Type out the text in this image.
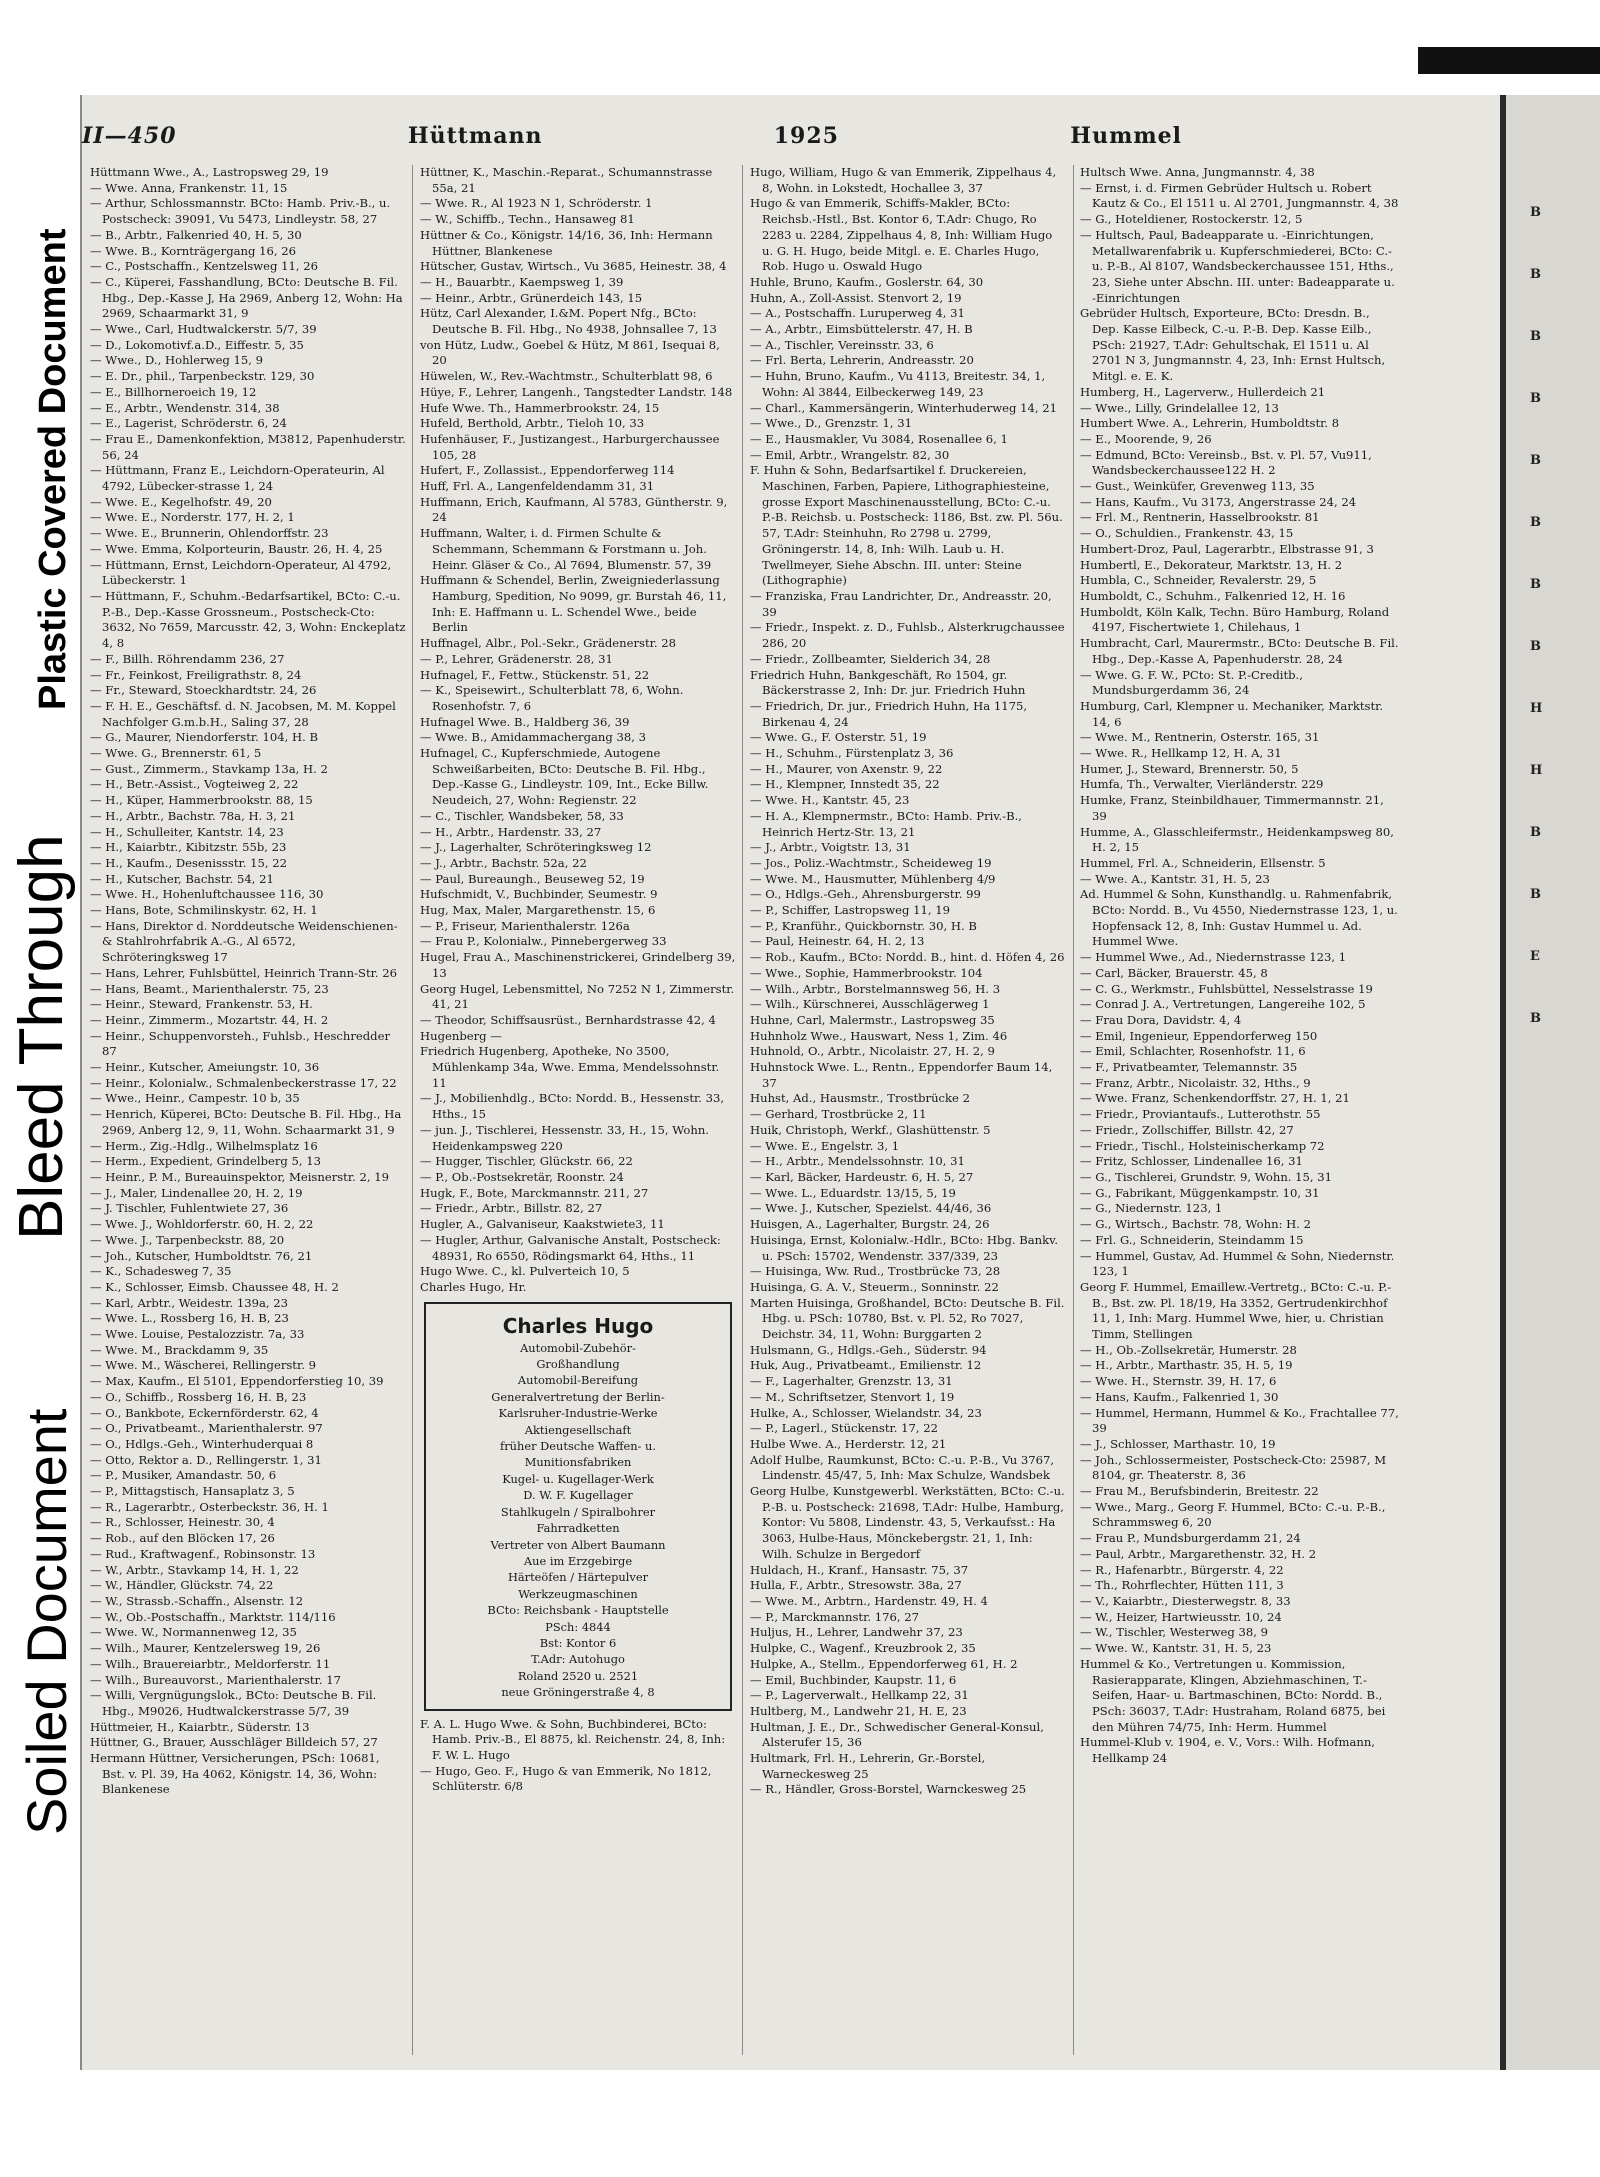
Plastic Covered Document
Bleed Through
Soiled Document
II—450	Hüttmann	1925	Hummel

Hüttmann Wwe., A., Lastropsweg 29, 19

— Wwe. Anna, Frankenstr. 11, 15

— Arthur, Schlossmannstr. BCto: Hamb. Priv.-B., u. Postscheck: 39091, Vu 5473, Lindleystr. 58, 27

— B., Arbtr., Falkenried 40, H. 5, 30

— Wwe. B., Kornträgergang 16, 26

— C., Postschaffn., Kentzelsweg 11, 26

— C., Küperei, Fasshandlung, BCto: Deutsche B. Fil. Hbg., Dep.-Kasse J, Ha 2969, Anberg 12, Wohn: Ha 2969, Schaarmarkt 31, 9

— Wwe., Carl, Hudtwalckerstr. 5/7, 39

— D., Lokomotivf.a.D., Eiffestr. 5, 35

— Wwe., D., Hohlerweg 15, 9

— E. Dr., phil., Tarpenbeckstr. 129, 30

— E., Billhorneroeich 19, 12

— E., Arbtr., Wendenstr. 314, 38

— E., Lagerist, Schröderstr. 6, 24

— Frau E., Damenkonfektion, M3812, Papenhuderstr. 56, 24

— Hüttmann, Franz E., Leichdorn-Operateurin, Al 4792, Lübecker-strasse 1, 24

— Wwe. E., Kegelhofstr. 49, 20

— Wwe. E., Norderstr. 177, H. 2, 1

— Wwe. E., Brunnerin, Ohlendorffstr. 23

— Wwe. Emma, Kolporteurin, Baustr. 26, H. 4, 25

— Hüttmann, Ernst, Leichdorn-Operateur, Al 4792, Lübeckerstr. 1

— Hüttmann, F., Schuhm.-Bedarfsartikel, BCto: C.-u. P.-B., Dep.-Kasse Grossneum., Postscheck-Cto: 3632, No 7659, Marcusstr. 42, 3, Wohn: Enckeplatz 4, 8

— F., Billh. Röhrendamm 236, 27

— Fr., Feinkost, Freiligrathstr. 8, 24

— Fr., Steward, Stoeckhardtstr. 24, 26

— F. H. E., Geschäftsf. d. N. Jacobsen, M. M. Koppel Nachfolger G.m.b.H., Saling 37, 28

— G., Maurer, Niendorferstr. 104, H. B

— Wwe. G., Brennerstr. 61, 5

— Gust., Zimmerm., Stavkamp 13a, H. 2

— H., Betr.-Assist., Vogteiweg 2, 22

— H., Küper, Hammerbrookstr. 88, 15

— H., Arbtr., Bachstr. 78a, H. 3, 21

— H., Schulleiter, Kantstr. 14, 23

— H., Kaiarbtr., Kibitzstr. 55b, 23

— H., Kaufm., Desenissstr. 15, 22

— H., Kutscher, Bachstr. 54, 21

— Wwe. H., Hohenluftchaussee 116, 30

— Hans, Bote, Schmilinskystr. 62, H. 1

— Hans, Direktor d. Norddeutsche Weidenschienen- & Stahlrohrfabrik A.-G., Al 6572, Schröteringksweg 17

— Hans, Lehrer, Fuhlsbüttel, Heinrich Trann-Str. 26

— Hans, Beamt., Marienthalerstr. 75, 23

— Heinr., Steward, Frankenstr. 53, H.

— Heinr., Zimmerm., Mozartstr. 44, H. 2

— Heinr., Schuppenvorsteh., Fuhlsb., Heschredder 87

— Heinr., Kutscher, Ameiungstr. 10, 36

— Heinr., Kolonialw., Schmalenbeckerstrasse 17, 22

— Wwe., Heinr., Campestr. 10 b, 35

— Henrich, Küperei, BCto: Deutsche B. Fil. Hbg., Ha 2969, Anberg 12, 9, 11, Wohn. Schaarmarkt 31, 9

— Herm., Zig.-Hdlg., Wilhelmsplatz 16

— Herm., Expedient, Grindelberg 5, 13

— Heinr., P. M., Bureauinspektor, Meisnerstr. 2, 19

— J., Maler, Lindenallee 20, H. 2, 19

— J. Tischler, Fuhlentwiete 27, 36

— Wwe. J., Wohldorferstr. 60, H. 2, 22

— Wwe. J., Tarpenbeckstr. 88, 20

— Joh., Kutscher, Humboldtstr. 76, 21

— K., Schadesweg 7, 35

— K., Schlosser, Eimsb. Chaussee 48, H. 2

— Karl, Arbtr., Weidestr. 139a, 23

— Wwe. L., Rossberg 16, H. B, 23

— Wwe. Louise, Pestalozzistr. 7a, 33

— Wwe. M., Brackdamm 9, 35

— Wwe. M., Wäscherei, Rellingerstr. 9

— Max, Kaufm., El 5101, Eppendorferstieg 10, 39

— O., Schiffb., Rossberg 16, H. B, 23

— O., Bankbote, Eckernförderstr. 62, 4

— O., Privatbeamt., Marienthalerstr. 97

— O., Hdlgs.-Geh., Winterhuderquai 8

— Otto, Rektor a. D., Rellingerstr. 1, 31

— P., Musiker, Amandastr. 50, 6

— P., Mittagstisch, Hansaplatz 3, 5

— R., Lagerarbtr., Osterbeckstr. 36, H. 1

— R., Schlosser, Heinestr. 30, 4

— Rob., auf den Blöcken 17, 26

— Rud., Kraftwagenf., Robinsonstr. 13

— W., Arbtr., Stavkamp 14, H. 1, 22

— W., Händler, Glückstr. 74, 22

— W., Strassb.-Schaffn., Alsenstr. 12

— W., Ob.-Postschaffn., Marktstr. 114/116

— Wwe. W., Normannenweg 12, 35

— Wilh., Maurer, Kentzelersweg 19, 26

— Wilh., Brauereiarbtr., Meldorferstr. 11

— Wilh., Bureauvorst., Marienthalerstr. 17

— Willi, Vergnügungslok., BCto: Deutsche B. Fil. Hbg., M9026, Hudtwalckerstrasse 5/7, 39

Hüttmeier, H., Kaiarbtr., Süderstr. 13

Hüttner, G., Brauer, Ausschläger Billdeich 57, 27

Hermann Hüttner, Versicherungen, PSch: 10681, Bst. v. Pl. 39, Ha 4062, Königstr. 14, 36, Wohn: Blankenese

Hüttner, K., Maschin.-Reparat., Schumannstrasse 55a, 21

— Wwe. R., Al 1923 N 1, Schröderstr. 1

— W., Schiffb., Techn., Hansaweg 81

Hüttner & Co., Königstr. 14/16, 36, Inh: Hermann Hüttner, Blankenese

Hütscher, Gustav, Wirtsch., Vu 3685, Heinestr. 38, 4

— H., Bauarbtr., Kaempsweg 1, 39

— Heinr., Arbtr., Grünerdeich 143, 15

Hütz, Carl Alexander, I.&M. Popert Nfg., BCto: Deutsche B. Fil. Hbg., No 4938, Johnsallee 7, 13

von Hütz, Ludw., Goebel & Hütz, M 861, Isequai 8, 20

Hüwelen, W., Rev.-Wachtmstr., Schulterblatt 98, 6

Hüye, F., Lehrer, Langenh., Tangstedter Landstr. 148

Hufe Wwe. Th., Hammerbrookstr. 24, 15

Hufeld, Berthold, Arbtr., Tieloh 10, 33

Hufenhäuser, F., Justizangest., Harburgerchaussee 105, 28

Hufert, F., Zollassist., Eppendorferweg 114

Huff, Frl. A., Langenfeldendamm 31, 31

Huffmann, Erich, Kaufmann, Al 5783, Güntherstr. 9, 24

Huffmann, Walter, i. d. Firmen Schulte & Schemmann, Schemmann & Forstmann u. Joh. Heinr. Gläser & Co., Al 7694, Blumenstr. 57, 39

Huffmann & Schendel, Berlin, Zweigniederlassung Hamburg, Spedition, No 9099, gr. Burstah 46, 11, Inh: E. Haffmann u. L. Schendel Wwe., beide Berlin

Huffnagel, Albr., Pol.-Sekr., Grädenerstr. 28

— P., Lehrer, Grädenerstr. 28, 31

Hufnagel, F., Fettw., Stückenstr. 51, 22

— K., Speisewirt., Schulterblatt 78, 6, Wohn. Rosenhofstr. 7, 6

Hufnagel Wwe. B., Haldberg 36, 39

— Wwe. B., Amidammachergang 38, 3

Hufnagel, C., Kupferschmiede, Autogene Schweißarbeiten, BCto: Deutsche B. Fil. Hbg., Dep.-Kasse G., Lindleystr. 109, Int., Ecke Billw. Neudeich, 27, Wohn: Regienstr. 22

— C., Tischler, Wandsbeker, 58, 33

— H., Arbtr., Hardenstr. 33, 27

— J., Lagerhalter, Schröteringksweg 12

— J., Arbtr., Bachstr. 52a, 22

— Paul, Bureaungh., Beuseweg 52, 19

Hufschmidt, V., Buchbinder, Seumestr. 9

Hug, Max, Maler, Margarethenstr. 15, 6

— P., Friseur, Marienthalerstr. 126a

— Frau P., Kolonialw., Pinnebergerweg 33

Hugel, Frau A., Maschinenstrickerei, Grindelberg 39, 13

Georg Hugel, Lebensmittel, No 7252 N 1, Zimmerstr. 41, 21

— Theodor, Schiffsausrüst., Bernhardstrasse 42, 4

Hugenberg —

Friedrich Hugenberg, Apotheke, No 3500, Mühlenkamp 34a, Wwe. Emma, Mendelssohnstr. 11

— J., Mobilienhdlg., BCto: Nordd. B., Hessenstr. 33, Hths., 15

— jun. J., Tischlerei, Hessenstr. 33, H., 15, Wohn. Heidenkampsweg 220

— Hugger, Tischler, Glückstr. 66, 22

— P., Ob.-Postsekretär, Roonstr. 24

Hugk, F., Bote, Marckmannstr. 211, 27

— Friedr., Arbtr., Billstr. 82, 27

Hugler, A., Galvaniseur, Kaakstwiete3, 11

— Hugler, Arthur, Galvanische Anstalt, Postscheck: 48931, Ro 6550, Rödingsmarkt 64, Hths., 11

Hugo Wwe. C., kl. Pulverteich 10, 5

Charles Hugo, Hr.

Charles Hugo
Automobil-Zubehör-
Großhandlung
Automobil-Bereifung
Generalvertretung der Berlin-
Karlsruher-Industrie-Werke
Aktiengesellschaft
früher Deutsche Waffen- u.
Munitionsfabriken
Kugel- u. Kugellager-Werk
D. W. F. Kugellager
Stahlkugeln / Spiralbohrer
Fahrradketten
Vertreter von Albert Baumann
Aue im Erzgebirge
Härteöfen / Härtepulver
Werkzeugmaschinen
BCto: Reichsbank - Hauptstelle
PSch: 4844
Bst: Kontor 6
T.Adr: Autohugo
Roland 2520 u. 2521
neue Gröningerstraße 4, 8

F. A. L. Hugo Wwe. & Sohn, Buchbinderei, BCto: Hamb. Priv.-B., El 8875, kl. Reichenstr. 24, 8, Inh: F. W. L. Hugo

— Hugo, Geo. F., Hugo & van Emmerik, No 1812, Schlüterstr. 6/8

Hugo, William, Hugo & van Emmerik, Zippelhaus 4, 8, Wohn. in Lokstedt, Hochallee 3, 37

Hugo & van Emmerik, Schiffs-Makler, BCto: Reichsb.-Hstl., Bst. Kontor 6, T.Adr: Chugo, Ro 2283 u. 2284, Zippelhaus 4, 8, Inh: William Hugo u. G. H. Hugo, beide Mitgl. e. E. Charles Hugo, Rob. Hugo u. Oswald Hugo

Huhle, Bruno, Kaufm., Goslerstr. 64, 30

Huhn, A., Zoll-Assist. Stenvort 2, 19

— A., Postschaffn. Luruperweg 4, 31

— A., Arbtr., Eimsbüttelerstr. 47, H. B

— A., Tischler, Vereinsstr. 33, 6

— Frl. Berta, Lehrerin, Andreasstr. 20

— Huhn, Bruno, Kaufm., Vu 4113, Breitestr. 34, 1, Wohn: Al 3844, Eilbeckerweg 149, 23

— Charl., Kammersängerin, Winterhuderweg 14, 21

— Wwe., D., Grenzstr. 1, 31

— E., Hausmakler, Vu 3084, Rosenallee 6, 1

— Emil, Arbtr., Wrangelstr. 82, 30

F. Huhn & Sohn, Bedarfsartikel f. Druckereien, Maschinen, Farben, Papiere, Lithographiesteine, grosse Export Maschinenausstellung, BCto: C.-u. P.-B. Reichsb. u. Postscheck: 1186, Bst. zw. Pl. 56u. 57, T.Adr: Steinhuhn, Ro 2798 u. 2799, Gröningerstr. 14, 8, Inh: Wilh. Laub u. H. Twellmeyer, Siehe Abschn. III. unter: Steine (Lithographie)

— Franziska, Frau Landrichter, Dr., Andreasstr. 20, 39

— Friedr., Inspekt. z. D., Fuhlsb., Alsterkrugchaussee 286, 20

— Friedr., Zollbeamter, Sielderich 34, 28

Friedrich Huhn, Bankgeschäft, Ro 1504, gr. Bäckerstrasse 2, Inh: Dr. jur. Friedrich Huhn

— Friedrich, Dr. jur., Friedrich Huhn, Ha 1175, Birkenau 4, 24

— Wwe. G., F. Osterstr. 51, 19

— H., Schuhm., Fürstenplatz 3, 36

— H., Maurer, von Axenstr. 9, 22

— H., Klempner, Innstedt 35, 22

— Wwe. H., Kantstr. 45, 23

— H. A., Klempnermstr., BCto: Hamb. Priv.-B., Heinrich Hertz-Str. 13, 21

— J., Arbtr., Voigtstr. 13, 31

— Jos., Poliz.-Wachtmstr., Scheideweg 19

— Wwe. M., Hausmutter, Mühlenberg 4/9

— O., Hdlgs.-Geh., Ahrensburgerstr. 99

— P., Schiffer, Lastropsweg 11, 19

— P., Kranführ., Quickbornstr. 30, H. B

— Paul, Heinestr. 64, H. 2, 13

— Rob., Kaufm., BCto: Nordd. B., hint. d. Höfen 4, 26

— Wwe., Sophie, Hammerbrookstr. 104

— Wilh., Arbtr., Borstelmannsweg 56, H. 3

— Wilh., Kürschnerei, Ausschlägerweg 1

Huhne, Carl, Malermstr., Lastropsweg 35

Huhnholz Wwe., Hauswart, Ness 1, Zim. 46

Huhnold, O., Arbtr., Nicolaistr. 27, H. 2, 9

Huhnstock Wwe. L., Rentn., Eppendorfer Baum 14, 37

Huhst, Ad., Hausmstr., Trostbrücke 2

— Gerhard, Trostbrücke 2, 11

Huik, Christoph, Werkf., Glashüttenstr. 5

— Wwe. E., Engelstr. 3, 1

— H., Arbtr., Mendelssohnstr. 10, 31

— Karl, Bäcker, Hardeustr. 6, H. 5, 27

— Wwe. L., Eduardstr. 13/15, 5, 19

— Wwe. J., Kutscher, Spezielst. 44/46, 36

Huisgen, A., Lagerhalter, Burgstr. 24, 26

Huisinga, Ernst, Kolonialw.-Hdlr., BCto: Hbg. Bankv. u. PSch: 15702, Wendenstr. 337/339, 23

— Huisinga, Ww. Rud., Trostbrücke 73, 28

Huisinga, G. A. V., Steuerm., Sonninstr. 22

Marten Huisinga, Großhandel, BCto: Deutsche B. Fil. Hbg. u. PSch: 10780, Bst. v. Pl. 52, Ro 7027, Deichstr. 34, 11, Wohn: Burggarten 2

Hulsmann, G., Hdlgs.-Geh., Süderstr. 94

Huk, Aug., Privatbeamt., Emilienstr. 12

— F., Lagerhalter, Grenzstr. 13, 31

— M., Schriftsetzer, Stenvort 1, 19

Hulke, A., Schlosser, Wielandstr. 34, 23

— P., Lagerl., Stückenstr. 17, 22

Hulbe Wwe. A., Herderstr. 12, 21

Adolf Hulbe, Raumkunst, BCto: C.-u. P.-B., Vu 3767, Lindenstr. 45/47, 5, Inh: Max Schulze, Wandsbek

Georg Hulbe, Kunstgewerbl. Werkstätten, BCto: C.-u. P.-B. u. Postscheck: 21698, T.Adr: Hulbe, Hamburg, Kontor: Vu 5808, Lindenstr. 43, 5, Verkaufsst.: Ha 3063, Hulbe-Haus, Mönckebergstr. 21, 1, Inh: Wilh. Schulze in Bergedorf

Huldach, H., Kranf., Hansastr. 75, 37

Hulla, F., Arbtr., Stresowstr. 38a, 27

— Wwe. M., Arbtrn., Hardenstr. 49, H. 4

— P., Marckmannstr. 176, 27

Huljus, H., Lehrer, Landwehr 37, 23

Hulpke, C., Wagenf., Kreuzbrook 2, 35

Hulpke, A., Stellm., Eppendorferweg 61, H. 2

— Emil, Buchbinder, Kaupstr. 11, 6

— P., Lagerverwalt., Hellkamp 22, 31

Hultberg, M., Landwehr 21, H. E, 23

Hultman, J. E., Dr., Schwedischer General-Konsul, Alsterufer 15, 36

Hultmark, Frl. H., Lehrerin, Gr.-Borstel, Warneckesweg 25

— R., Händler, Gross-Borstel, Warnckesweg 25

Hultsch Wwe. Anna, Jungmannstr. 4, 38

— Ernst, i. d. Firmen Gebrüder Hultsch u. Robert Kautz & Co., El 1511 u. Al 2701, Jungmannstr. 4, 38

— G., Hoteldiener, Rostockerstr. 12, 5

— Hultsch, Paul, Badeapparate u. -Einrichtungen, Metallwarenfabrik u. Kupferschmiederei, BCto: C.-u. P.-B., Al 8107, Wandsbeckerchaussee 151, Hths., 23, Siehe unter Abschn. III. unter: Badeapparate u. -Einrichtungen

Gebrüder Hultsch, Exporteure, BCto: Dresdn. B., Dep. Kasse Eilbeck, C.-u. P.-B. Dep. Kasse Eilb., PSch: 21927, T.Adr: Gehultschak, El 1511 u. Al 2701 N 3, Jungmannstr. 4, 23, Inh: Ernst Hultsch, Mitgl. e. E. K.

Humberg, H., Lagerverw., Hullerdeich 21

— Wwe., Lilly, Grindelallee 12, 13

Humbert Wwe. A., Lehrerin, Humboldtstr. 8

— E., Moorende, 9, 26

— Edmund, BCto: Vereinsb., Bst. v. Pl. 57, Vu911, Wandsbeckerchaussee122 H. 2

— Gust., Weinküfer, Grevenweg 113, 35

— Hans, Kaufm., Vu 3173, Angerstrasse 24, 24

— Frl. M., Rentnerin, Hasselbrookstr. 81

— O., Schuldien., Frankenstr. 43, 15

Humbert-Droz, Paul, Lagerarbtr., Elbstrasse 91, 3

Humbertl, E., Dekorateur, Marktstr. 13, H. 2

Humbla, C., Schneider, Revalerstr. 29, 5

Humboldt, C., Schuhm., Falkenried 12, H. 16

Humboldt, Köln Kalk, Techn. Büro Hamburg, Roland 4197, Fischertwiete 1, Chilehaus, 1

Humbracht, Carl, Maurermstr., BCto: Deutsche B. Fil. Hbg., Dep.-Kasse A, Papenhuderstr. 28, 24

— Wwe. G. F. W., PCto: St. P.-Creditb., Mundsburgerdamm 36, 24

Humburg, Carl, Klempner u. Mechaniker, Marktstr. 14, 6

— Wwe. M., Rentnerin, Osterstr. 165, 31

— Wwe. R., Hellkamp 12, H. A, 31

Humer, J., Steward, Brennerstr. 50, 5

Humfa, Th., Verwalter, Vierländerstr. 229

Humke, Franz, Steinbildhauer, Timmermannstr. 21, 39

Humme, A., Glasschleifermstr., Heidenkampsweg 80, H. 2, 15

Hummel, Frl. A., Schneiderin, Ellsenstr. 5

— Wwe. A., Kantstr. 31, H. 5, 23

Ad. Hummel & Sohn, Kunsthandlg. u. Rahmenfabrik, BCto: Nordd. B., Vu 4550, Niedernstrasse 123, 1, u. Hopfensack 12, 8, Inh: Gustav Hummel u. Ad. Hummel Wwe.

— Hummel Wwe., Ad., Niedernstrasse 123, 1

— Carl, Bäcker, Brauerstr. 45, 8

— C. G., Werkmstr., Fuhlsbüttel, Nesselstrasse 19

— Conrad J. A., Vertretungen, Langereihe 102, 5

— Frau Dora, Davidstr. 4, 4

— Emil, Ingenieur, Eppendorferweg 150

— Emil, Schlachter, Rosenhofstr. 11, 6

— F., Privatbeamter, Telemannstr. 35

— Franz, Arbtr., Nicolaistr. 32, Hths., 9

— Wwe. Franz, Schenkendorffstr. 27, H. 1, 21

— Friedr., Proviantaufs., Lutterothstr. 55

— Friedr., Zollschiffer, Billstr. 42, 27

— Friedr., Tischl., Holsteinischerkamp 72

— Fritz, Schlosser, Lindenallee 16, 31

— G., Tischlerei, Grundstr. 9, Wohn. 15, 31

— G., Fabrikant, Müggenkampstr. 10, 31

— G., Niedernstr. 123, 1

— G., Wirtsch., Bachstr. 78, Wohn: H. 2

— Frl. G., Schneiderin, Steindamm 15

— Hummel, Gustav, Ad. Hummel & Sohn, Niedernstr. 123, 1

Georg F. Hummel, Emaillew.-Vertretg., BCto: C.-u. P.-B., Bst. zw. Pl. 18/19, Ha 3352, Gertrudenkirchhof 11, 1, Inh: Marg. Hummel Wwe, hier, u. Christian Timm, Stellingen

— H., Ob.-Zollsekretär, Humerstr. 28

— H., Arbtr., Marthastr. 35, H. 5, 19

— Wwe. H., Sternstr. 39, H. 17, 6

— Hans, Kaufm., Falkenried 1, 30

— Hummel, Hermann, Hummel & Ko., Frachtallee 77, 39

— J., Schlosser, Marthastr. 10, 19

— Joh., Schlossermeister, Postscheck-Cto: 25987, M 8104, gr. Theaterstr. 8, 36

— Frau M., Berufsbinderin, Breitestr. 22

— Wwe., Marg., Georg F. Hummel, BCto: C.-u. P.-B., Schrammsweg 6, 20

— Frau P., Mundsburgerdamm 21, 24

— Paul, Arbtr., Margarethenstr. 32, H. 2

— R., Hafenarbtr., Bürgerstr. 4, 22

— Th., Rohrflechter, Hütten 111, 3

— V., Kaiarbtr., Diesterwegstr. 8, 33

— W., Heizer, Hartwieusstr. 10, 24

— W., Tischler, Westerweg 38, 9

— Wwe. W., Kantstr. 31, H. 5, 23

Hummel & Ko., Vertretungen u. Kommission, Rasierapparate, Klingen, Abziehmaschinen, T.-Seifen, Haar- u. Bartmaschinen, BCto: Nordd. B., PSch: 36037, T.Adr: Hustraham, Roland 6875, bei den Mühren 74/75, Inh: Herm. Hummel

Hummel-Klub v. 1904, e. V., Vors.: Wilh. Hofmann, Hellkamp 24

B
B
B
B
B
B
B
B
H
H
B
B
E
B
